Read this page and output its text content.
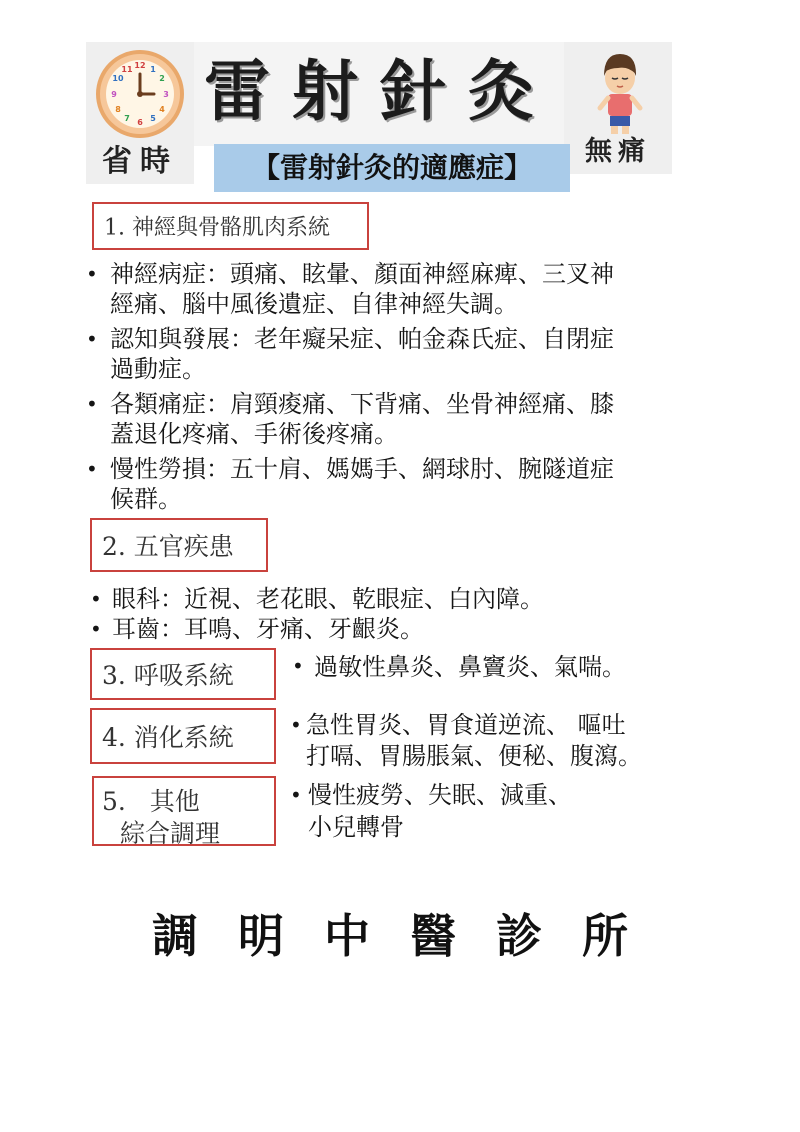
12 1
2
3
4
5
6
7
8
9
10
11
省時
雷射針灸
無痛
【雷射針灸的適應症】
1. 神經與骨骼肌肉系統
• 神經病症：頭痛、眩暈、顏面神經麻痺、三叉神
經痛、腦中風後遺症、自律神經失調。
• 認知與發展：老年癡呆症、帕金森氏症、自閉症
過動症。
• 各類痛症：肩頸痠痛、下背痛、坐骨神經痛、膝
蓋退化疼痛、手術後疼痛。
• 慢性勞損：五十肩、媽媽手、網球肘、腕隧道症
候群。
2. 五官疾患
• 眼科：近視、老花眼、乾眼症、白內障。
• 耳齒：耳鳴、牙痛、牙齦炎。
3. 呼吸系統	• 過敏性鼻炎、鼻竇炎、氣喘。
4. 消化系統	• 急性胃炎、胃食道逆流、 嘔吐
打嗝、胃腸脹氣、便秘、腹瀉。
5.   其他
綜合調理
• 慢性疲勞、失眠、減重、
小兒轉骨
調明中醫診所
